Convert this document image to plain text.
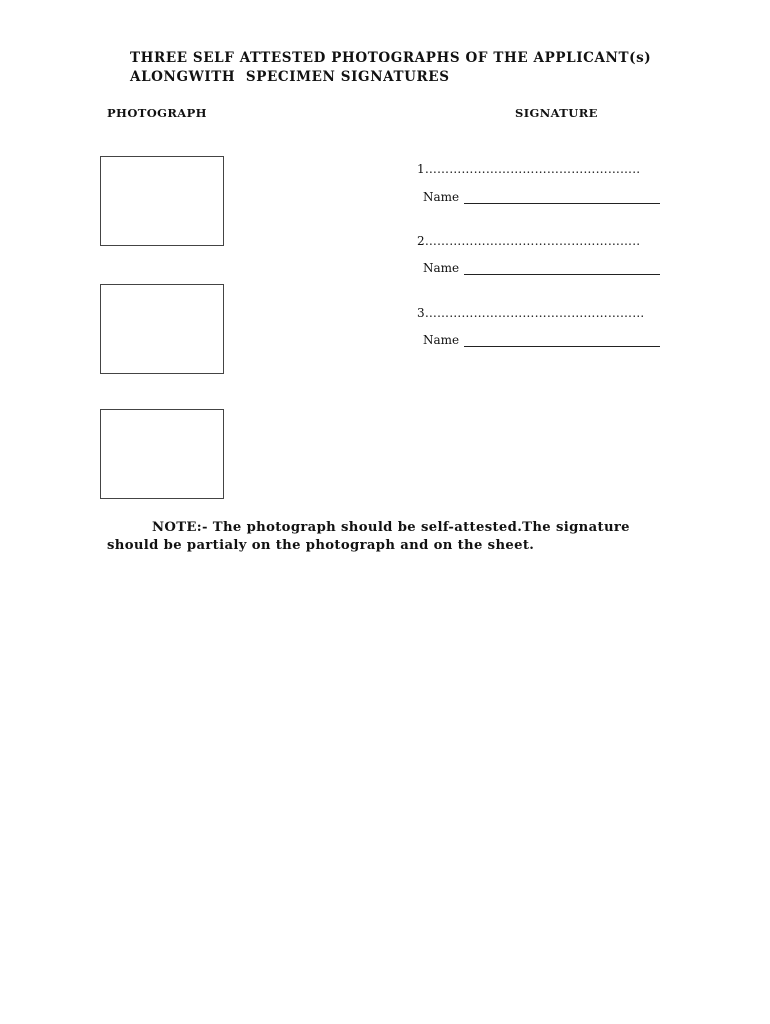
THREE SELF ATTESTED PHOTOGRAPHS OF THE APPLICANT(s)
ALONGWITH  SPECIMEN SIGNATURES
PHOTOGRAPH	SIGNATURE
1……………………………………………..
Name
2……………………………………………..
Name
3………………………………………………
Name
NOTE:- The photograph should be self-attested.The signature
should be partialy on the photograph and on the sheet.
